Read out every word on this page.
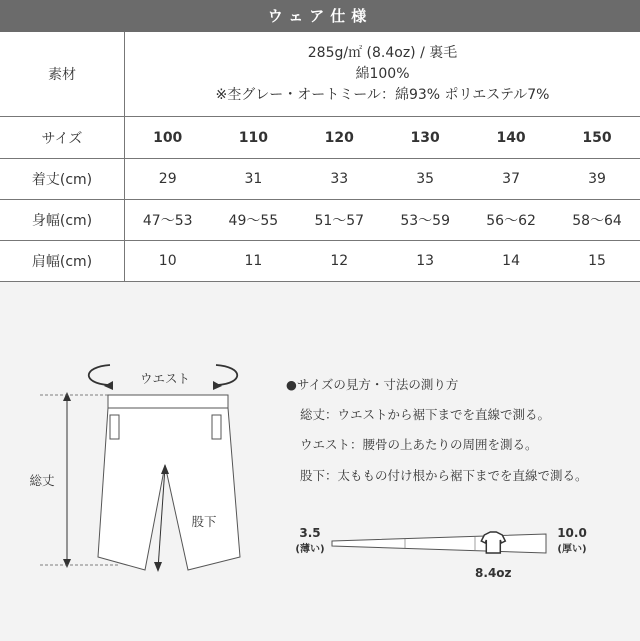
ウェア仕様
素材	285g/㎡ (8.4oz) / 裏毛
綿100%
※杢グレー・オートミール：綿93% ポリエステル7%					

サイズ	100	110	120	130	140	150
着丈(cm)	29	31	33	35	37	39
身幅(cm)	47〜53	49〜55	51〜57	53〜59	56〜62	58〜64
肩幅(cm)	10	11	12	13	14	15
ウエスト
総丈
股下
●サイズの見方・寸法の測り方
総丈：ウエストから裾下までを直線で測る。
ウエスト：腰骨の上あたりの周囲を測る。
股下：太ももの付け根から裾下までを直線で測る。
3.5
(薄い)
8.4oz
10.0
(厚い)
